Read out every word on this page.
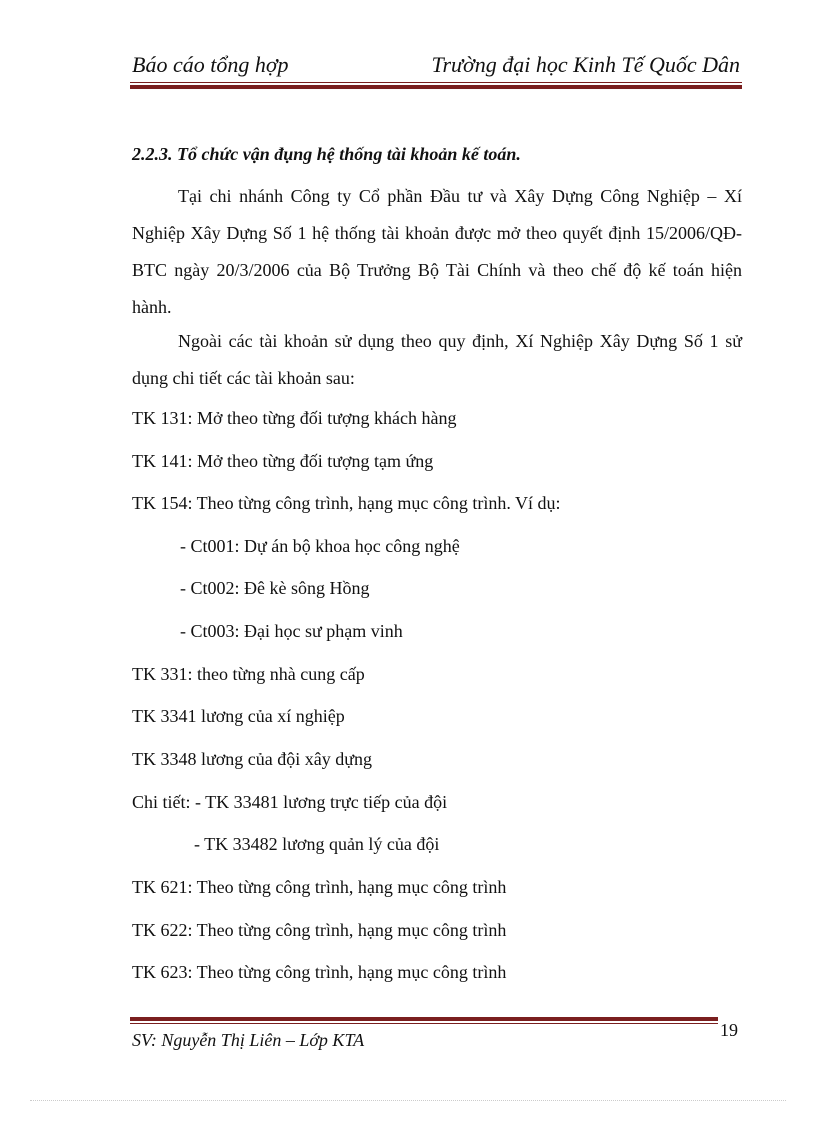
Báo cáo tổng hợp	Trường đại học Kinh Tế Quốc Dân
2.2.3. Tổ chức vận đụng hệ thống tài khoản kế toán.
Tại chi nhánh Công ty Cổ phần Đầu tư và Xây Dựng Công Nghiệp – Xí Nghiệp Xây Dựng Số 1 hệ thống tài khoản được mở theo quyết định 15/2006/QĐ-BTC ngày 20/3/2006 của Bộ Trưởng Bộ Tài Chính và theo chế độ kế toán hiện hành.
Ngoài các tài khoản sử dụng theo quy định, Xí Nghiệp Xây Dựng Số 1 sử dụng chi tiết các tài khoản sau:
TK 131: Mở theo từng đối tượng khách hàng
TK 141: Mở theo từng đối tượng tạm ứng
TK 154: Theo từng công trình, hạng mục công trình. Ví dụ:
- Ct001: Dự án bộ khoa học công nghệ
- Ct002: Đê kè sông Hồng
- Ct003: Đại học sư phạm vinh
TK 331: theo từng nhà cung cấp
TK 3341 lương của xí nghiệp
TK 3348 lương của đội xây dựng
Chi tiết: - TK 33481 lương trực tiếp của đội
- TK 33482 lương quản lý của đội
TK 621: Theo từng công trình, hạng mục công trình
TK 622: Theo từng công trình, hạng mục công trình
TK 623: Theo từng công trình, hạng mục công trình
SV: Nguyễn Thị Liên – Lớp KTA	19
